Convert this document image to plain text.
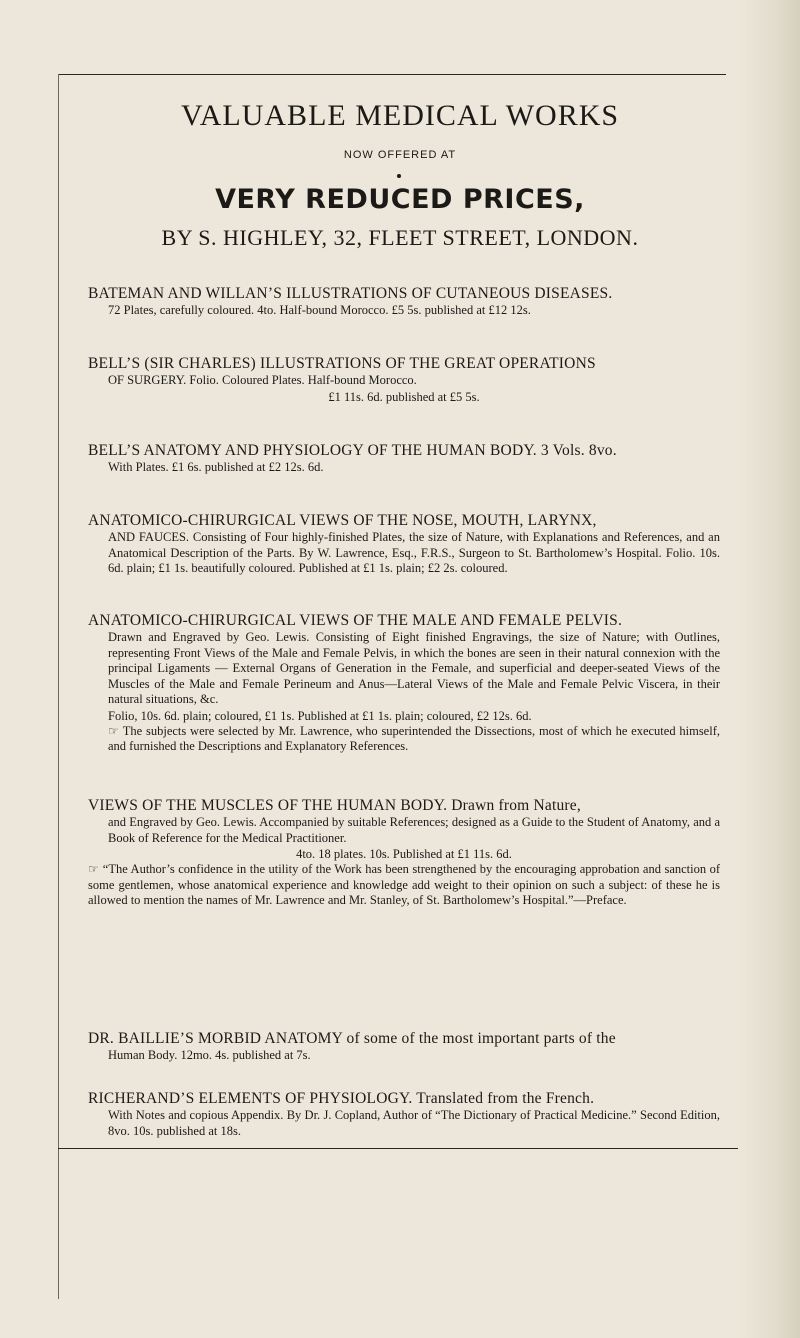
VALUABLE MEDICAL WORKS
NOW OFFERED AT
VERY REDUCED PRICES,
BY S. HIGHLEY, 32, FLEET STREET, LONDON.
BATEMAN AND WILLAN’S ILLUSTRATIONS OF CUTANEOUS DISEASES.
72 Plates, carefully coloured. 4to. Half-bound Morocco. £5 5s. published at £12 12s.
BELL’S (SIR CHARLES) ILLUSTRATIONS OF THE GREAT OPERATIONS
OF SURGERY. Folio. Coloured Plates. Half-bound Morocco.
£1 11s. 6d. published at £5 5s.
BELL’S ANATOMY AND PHYSIOLOGY OF THE HUMAN BODY. 3 Vols. 8vo.
With Plates. £1 6s. published at £2 12s. 6d.
ANATOMICO-CHIRURGICAL VIEWS OF THE NOSE, MOUTH, LARYNX,
AND FAUCES. Consisting of Four highly-finished Plates, the size of Nature, with Explanations and References, and an Anatomical Description of the Parts. By W. Lawrence, Esq., F.R.S., Surgeon to St. Bartholomew’s Hospital. Folio. 10s. 6d. plain; £1 1s. beautifully coloured. Published at £1 1s. plain; £2 2s. coloured.
ANATOMICO-CHIRURGICAL VIEWS OF THE MALE AND FEMALE PELVIS.
Drawn and Engraved by Geo. Lewis. Consisting of Eight finished Engravings, the size of Nature; with Outlines, representing Front Views of the Male and Female Pelvis, in which the bones are seen in their natural connexion with the principal Ligaments — External Organs of Generation in the Female, and superficial and deeper-seated Views of the Muscles of the Male and Female Perineum and Anus—Lateral Views of the Male and Female Pelvic Viscera, in their natural situations, &c.
Folio, 10s. 6d. plain; coloured, £1 1s. Published at £1 1s. plain; coloured, £2 12s. 6d.
☞ The subjects were selected by Mr. Lawrence, who superintended the Dissections, most of which he executed himself, and furnished the Descriptions and Explanatory References.
VIEWS OF THE MUSCLES OF THE HUMAN BODY. Drawn from Nature,
and Engraved by Geo. Lewis. Accompanied by suitable References; designed as a Guide to the Student of Anatomy, and a Book of Reference for the Medical Practitioner.
4to. 18 plates. 10s. Published at £1 11s. 6d.
☞ “The Author’s confidence in the utility of the Work has been strengthened by the encouraging approbation and sanction of some gentlemen, whose anatomical experience and knowledge add weight to their opinion on such a subject: of these he is allowed to mention the names of Mr. Lawrence and Mr. Stanley, of St. Bartholomew’s Hospital.”—Preface.
DR. BAILLIE’S MORBID ANATOMY of some of the most important parts of the
Human Body. 12mo. 4s. published at 7s.
RICHERAND’S ELEMENTS OF PHYSIOLOGY. Translated from the French.
With Notes and copious Appendix. By Dr. J. Copland, Author of “The Dictionary of Practical Medicine.” Second Edition, 8vo. 10s. published at 18s.
